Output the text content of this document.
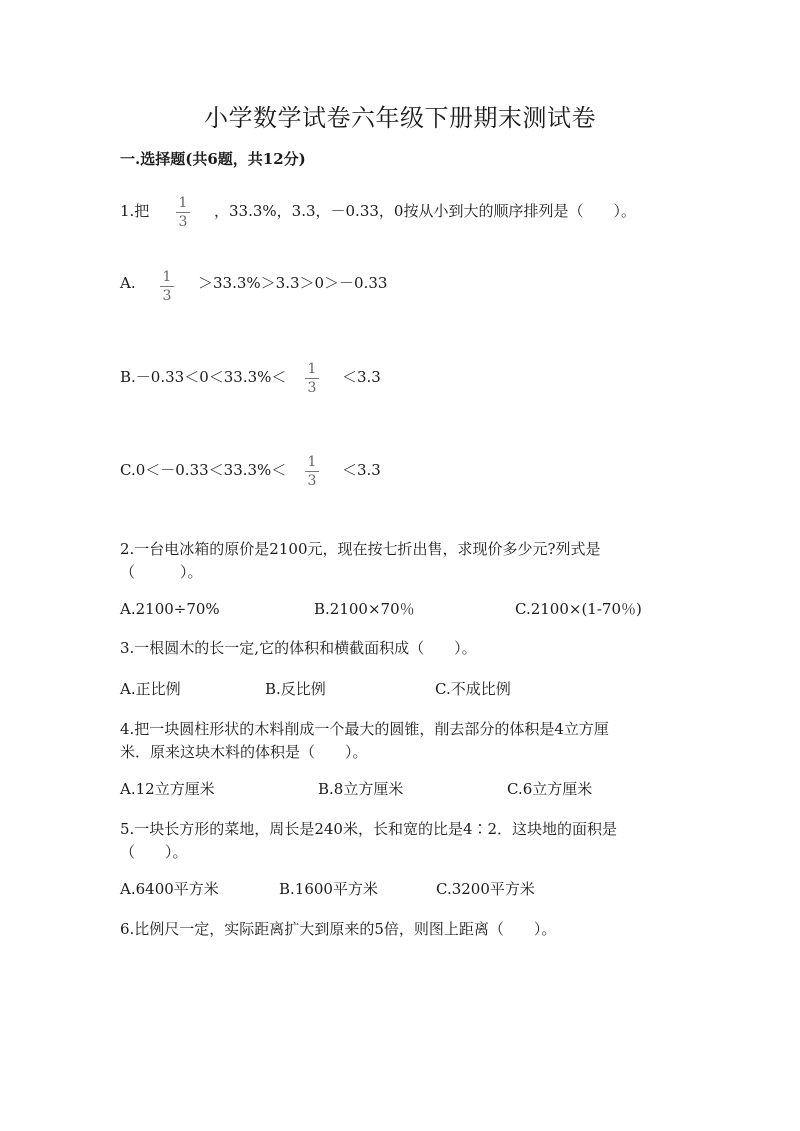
小学数学试卷六年级下册期末测试卷
一.选择题(共6题，共12分)
1.把 1
3
，33.3%，3.3，－0.33，0按从小到大的顺序排列是（　　）。
A. 1
3
＞33.3%＞3.3＞0＞－0.33
B.－0.33＜0＜33.3%＜ 1
3
＜3.3
C.0＜－0.33＜33.3%＜ 1
3
＜3.3
2.一台电冰箱的原价是2100元，现在按七折出售，求现价多少元?列式是
（　　　）。
A.2100÷70%	B.2100×70％	C.2100×(1-70％)
3.一根圆木的长一定,它的体积和横截面积成（　　）。
A.正比例	B.反比例	C.不成比例
4.把一块圆柱形状的木料削成一个最大的圆锥，削去部分的体积是4立方厘
米．原来这块木料的体积是（　　）。
A.12立方厘米	B.8立方厘米	C.6立方厘米
5.一块长方形的菜地，周长是240米，长和宽的比是4∶2．这块地的面积是
（　　）。
A.6400平方米	B.1600平方米	C.3200平方米
6.比例尺一定，实际距离扩大到原来的5倍，则图上距离（　　）。
